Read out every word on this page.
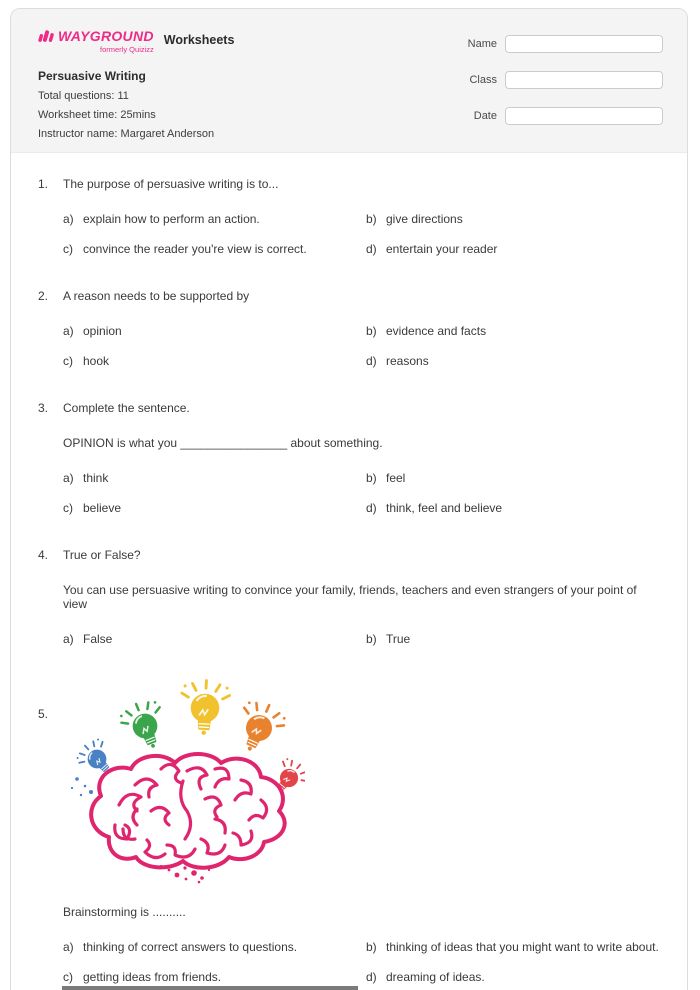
WAYGROUND
formerly Quizizz
Worksheets
Persuasive Writing
Total questions: 11
Worksheet time: 25mins
Instructor name: Margaret Anderson
Name
Class
Date
1.	The purpose of persuasive writing is to...
a) explain how to perform an action.	b) give directions
c) convince the reader you're view is correct.	d) entertain your reader
2.	A reason needs to be supported by
a) opinion	b) evidence and facts
c) hook	d) reasons
3.	Complete the sentence.
OPINION is what you ________________ about something.
a) think	b) feel
c) believe	d) think, feel and believe
4.	True or False?
You can use persuasive writing to convince your family, friends, teachers and even strangers of your point of view
a) False	b) True
5.
Brainstorming is ..........
a) thinking of correct answers to questions.	b) thinking of ideas that you might want to write about.
c) getting ideas from friends.	d) dreaming of ideas.
